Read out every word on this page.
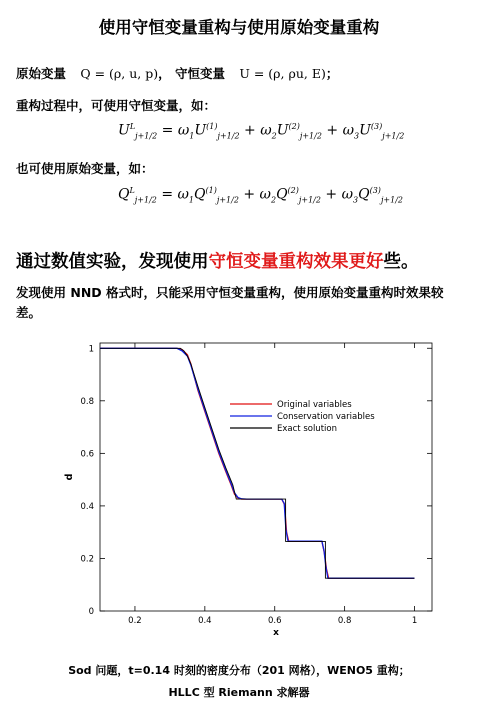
使用守恒变量重构与使用原始变量重构
原始变量 Q = (ρ, u, p)， 守恒变量 U = (ρ, ρu, E)；
重构过程中，可使用守恒变量，如：
$U^L_{j+1/2} = \omega_1U^{(1)}_{j+1/2} + \omega_2U^{(2)}_{j+1/2} + \omega_3U^{(3)}_{j+1/2}$
也可使用原始变量，如：
$Q^L_{j+1/2} = \omega_1Q^{(1)}_{j+1/2} + \omega_2Q^{(2)}_{j+1/2} + \omega_3Q^{(3)}_{j+1/2}$
通过数值实验，发现使用守恒变量重构效果更好些。
发现使用 NND 格式时，只能采用守恒变量重构，使用原始变量重构时效果较差。
0.2	0.4	0.6	0.8	1
0
0.2
0.4
0.6
0.8
1
x
d
Original variables
Conservation variables
Exact solution
Sod 问题，t=0.14 时刻的密度分布（201 网格），WENO5 重构；
HLLC 型 Riemann 求解器
